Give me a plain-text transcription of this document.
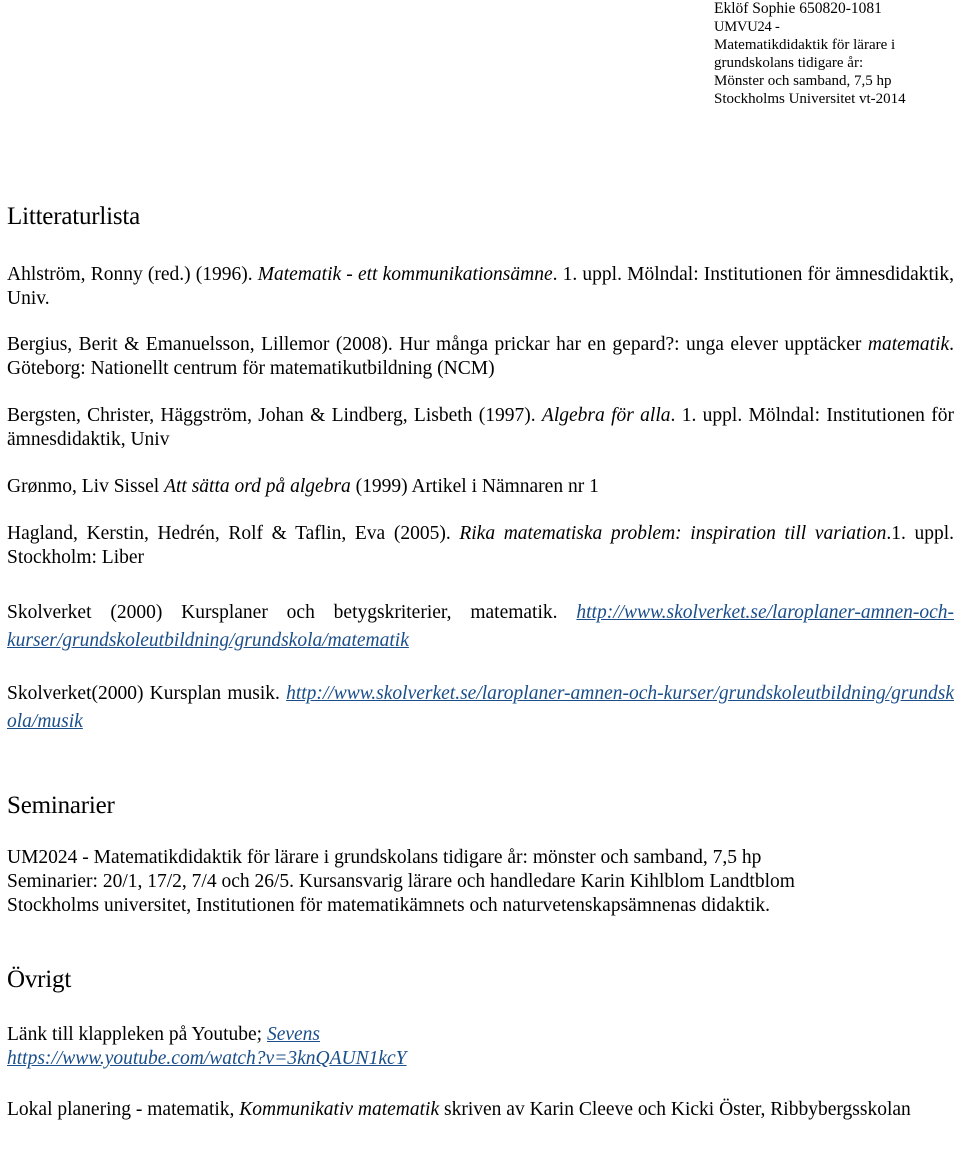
Eklöf Sophie 650820-1081
UMVU24 -
Matematikdidaktik för lärare i
grundskolans tidigare år:
Mönster och samband, 7,5 hp
Stockholms Universitet vt-2014
Litteraturlista

Ahlström, Ronny (red.) (1996). Matematik - ett kommunikationsämne. 1. uppl. Mölndal: Institutionen för ämnesdidaktik, Univ.

Bergius, Berit & Emanuelsson, Lillemor (2008). Hur många prickar har en gepard?: unga elever upptäcker matematik. Göteborg: Nationellt centrum för matematikutbildning (NCM)

Bergsten, Christer, Häggström, Johan & Lindberg, Lisbeth (1997). Algebra för alla. 1. uppl. Mölndal: Institutionen för ämnesdidaktik, Univ

Grønmo, Liv Sissel Att sätta ord på algebra (1999) Artikel i Nämnaren nr 1

Hagland, Kerstin, Hedrén, Rolf & Taflin, Eva (2005). Rika matematiska problem: inspiration till variation.1. uppl. Stockholm: Liber

Skolverket (2000) Kursplaner och betygskriterier, matematik. http://www.skolverket.se/laroplaner-amnen-och-kurser/grundskoleutbildning/grundskola/matematik

Skolverket(2000) Kursplan musik. http://www.skolverket.se/laroplaner-amnen-och-kurser/grundskoleutbildning/grundskola/musik

Seminarier

UM2024 - Matematikdidaktik för lärare i grundskolans tidigare år: mönster och samband, 7,5 hp
Seminarier: 20/1, 17/2, 7/4 och 26/5. Kursansvarig lärare och handledare Karin Kihlblom Landtblom
Stockholms universitet, Institutionen för matematikämnets och naturvetenskapsämnenas didaktik.

Övrigt

Länk till klappleken på Youtube; Sevens
https://www.youtube.com/watch?v=3knQAUN1kcY

Lokal planering - matematik, Kommunikativ matematik skriven av Karin Cleeve och Kicki Öster, Ribbybergsskolan
